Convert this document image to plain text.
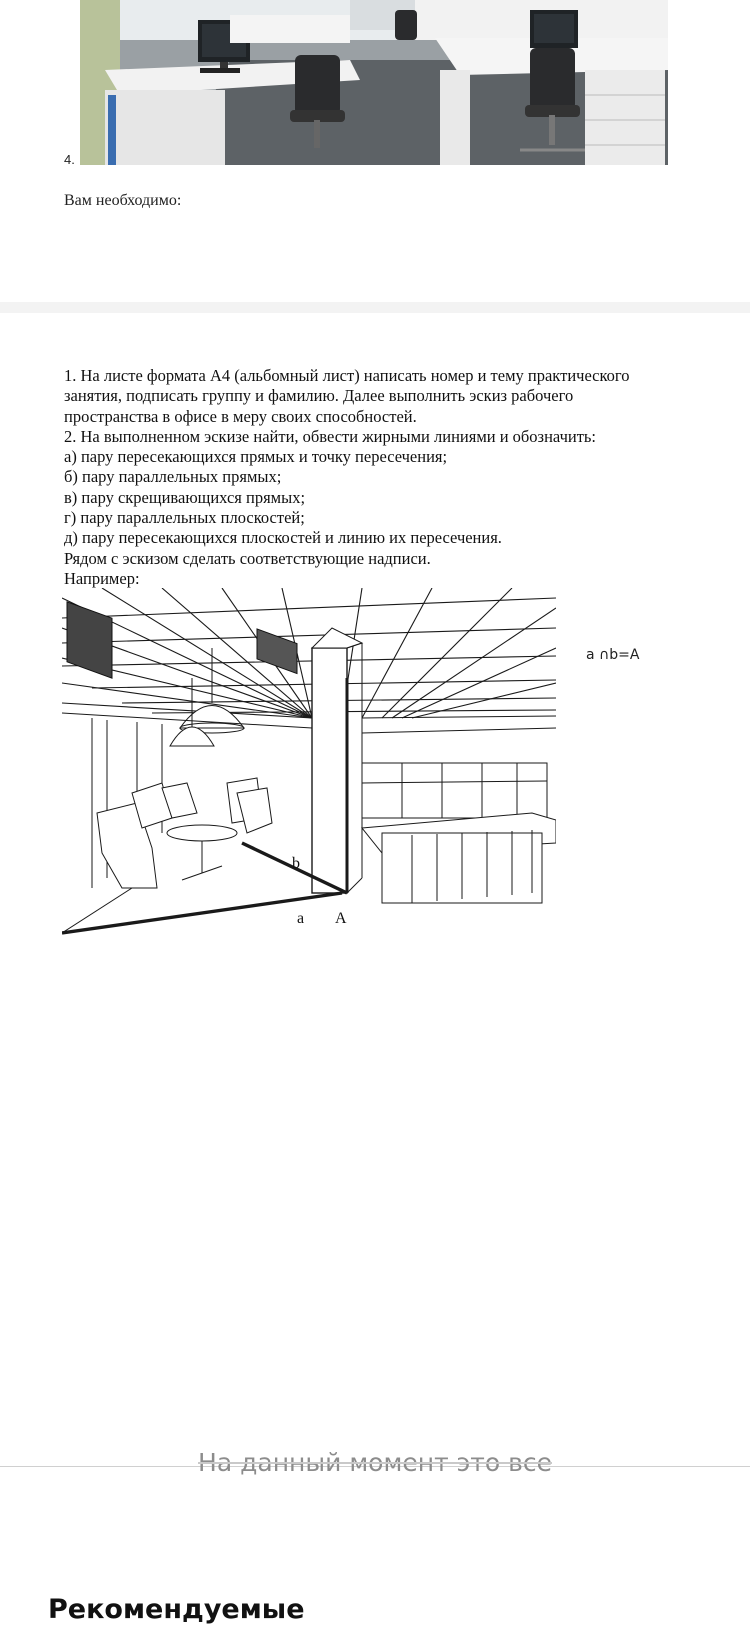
4.
Вам необходимо:
1. На листе формата А4 (альбомный лист) написать номер и тему практического
занятия, подписать группу и фамилию. Далее выполнить эскиз рабочего
пространства в офисе в меру своих способностей.
2. На выполненном эскизе найти, обвести жирными линиями и обозначить:
а) пару пересекающихся прямых и точку пересечения;
б) пару параллельных прямых;
в) пару скрещивающихся прямых;
г) пару параллельных плоскостей;
д) пару пересекающихся плоскостей и линию их пересечения.
Рядом с эскизом сделать соответствующие надписи.
Например:
b
a A
a ∩b=A
На данный момент это все
Рекомендуемые
